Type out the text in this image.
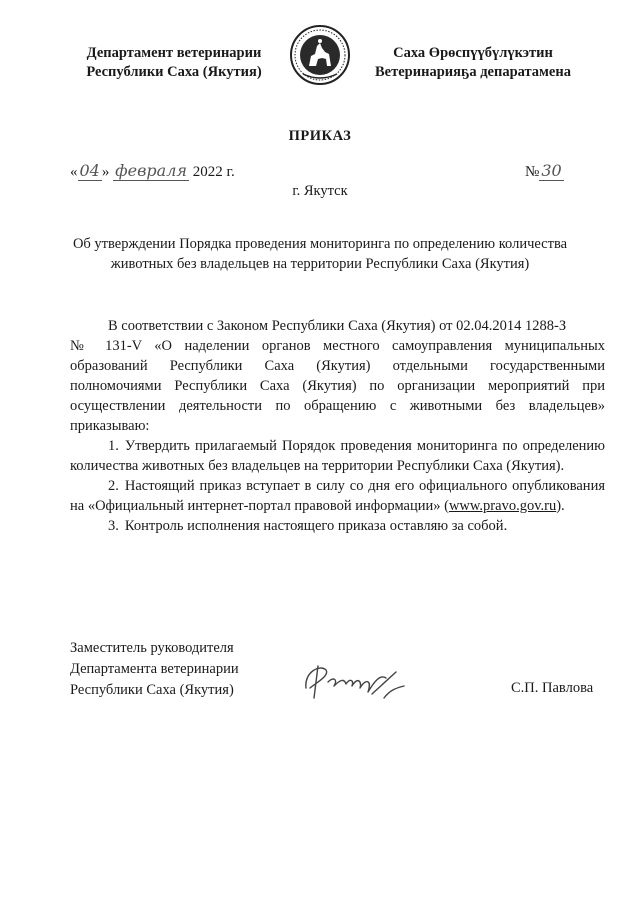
Департамент ветеринарии
Республики Саха (Якутия)
Саха Өрөспүүбүлүкэтин
Ветеринарияҕа депаратамена
ПРИКАЗ
« 04 » февраля 2022 г.	№ 30
г. Якутск
Об утверждении Порядка проведения мониторинга по определению количества
животных без владельцев на территории Республики Саха (Якутия)

В соответствии с Законом Республики Саха (Якутия) от 02.04.2014 1288-З

№ 131-V «О наделении органов местного самоуправления муниципальных образований Республики Саха (Якутия) отдельными государственными полномочиями Республики Саха (Якутия) по организации мероприятий при осуществлении деятельности по обращению с животными без владельцев» приказываю:

1. Утвердить прилагаемый Порядок проведения мониторинга по определению количества животных без владельцев на территории Республики Саха (Якутия).

2. Настоящий приказ вступает в силу со дня его официального опубликования на «Официальный интернет-портал правовой информации» (www.pravo.gov.ru).

3. Контроль исполнения настоящего приказа оставляю за собой.

Заместитель руководителя
Департамента ветеринарии
Республики Саха (Якутия)	С.П. Павлова
